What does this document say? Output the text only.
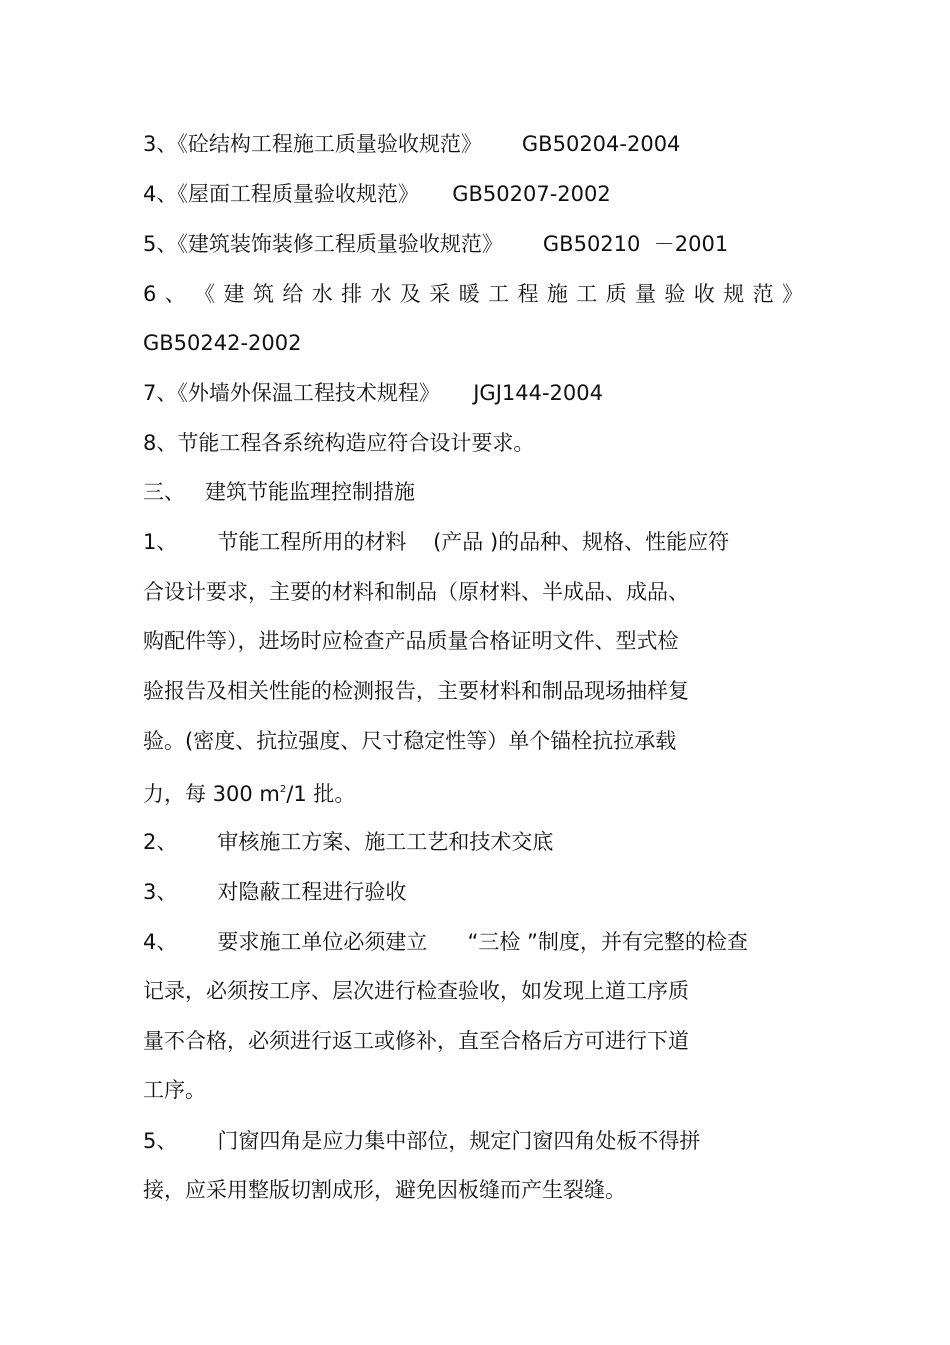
3、《砼结构工程施工质量验收规范》      GB50204-2004

4、《屋面工程质量验收规范》     GB50207-2002

5、《建筑装饰装修工程质量验收规范》      GB50210  －2001

6 、 《 建 筑 给 水 排 水 及 采 暖 工 程 施 工 质 量 验 收 规 范 》

GB50242-2002

7、《外墙外保温工程技术规程》     JGJ144-2004

8、节能工程各系统构造应符合设计要求。

三、   建筑节能监理控制措施

1、      节能工程所用的材料    (产品 )的品种、规格、性能应符

合设计要求，主要的材料和制品（原材料、半成品、成品、

购配件等），进场时应检查产品质量合格证明文件、型式检

验报告及相关性能的检测报告，主要材料和制品现场抽样复

验。(密度、抗拉强度、尺寸稳定性等）单个锚栓抗拉承载

力，每 300 $m^2/1$ 批。

2、      审核施工方案、施工工艺和技术交底

3、      对隐蔽工程进行验收

4、      要求施工单位必须建立      “三检 ”制度，并有完整的检查

记录，必须按工序、层次进行检查验收，如发现上道工序质

量不合格，必须进行返工或修补，直至合格后方可进行下道

工序。

5、      门窗四角是应力集中部位，规定门窗四角处板不得拼

接，应采用整版切割成形，避免因板缝而产生裂缝。
